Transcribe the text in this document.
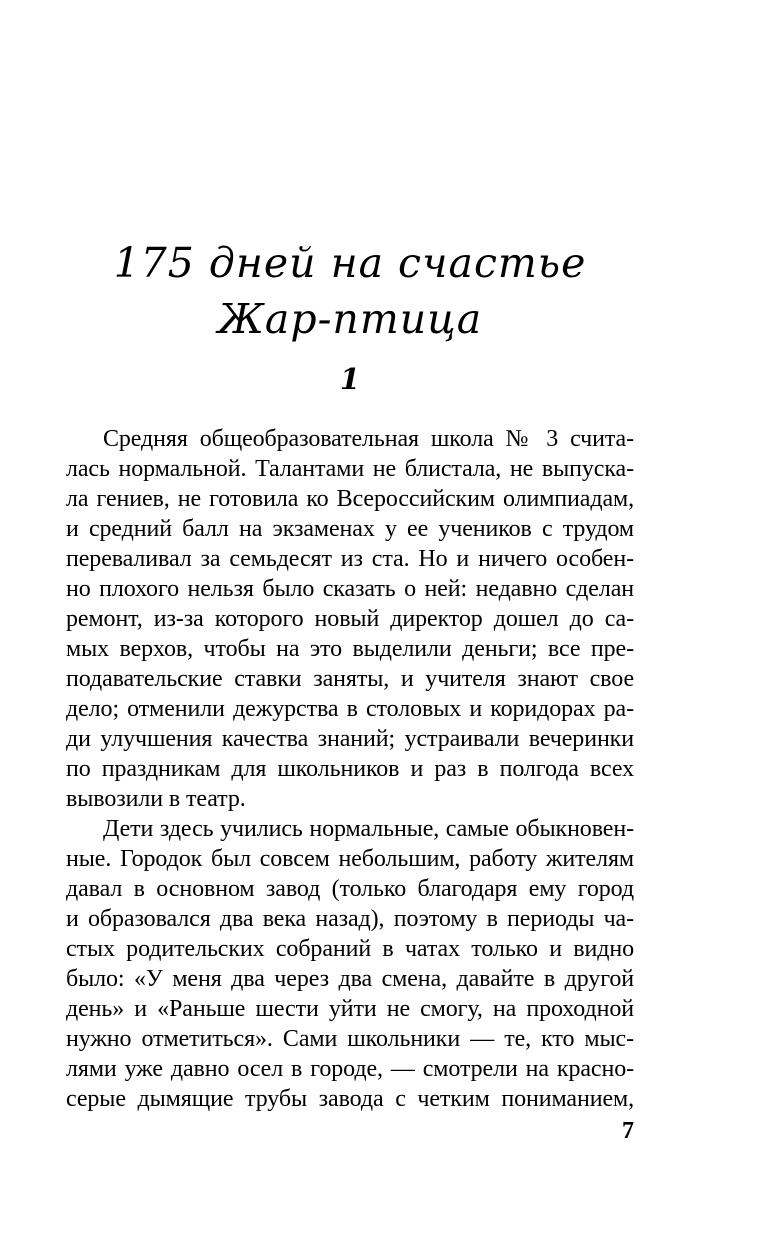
175 дней на счастье
Жар-птица
1
Средняя общеобразовательная школа № 3 счита-
лась нормальной. Талантами не блистала, не выпуска-
ла гениев, не готовила ко Всероссийским олимпиадам,
и средний балл на экзаменах у ее учеников с трудом
переваливал за семьдесят из ста. Но и ничего особен-
но плохого нельзя было сказать о ней: недавно сделан
ремонт, из-за которого новый директор дошел до са-
мых верхов, чтобы на это выделили деньги; все пре-
подавательские ставки заняты, и учителя знают свое
дело; отменили дежурства в столовых и коридорах ра-
ди улучшения качества знаний; устраивали вечеринки
по праздникам для школьников и раз в полгода всех
вывозили в театр.
Дети здесь учились нормальные, самые обыкновен-
ные. Городок был совсем небольшим, работу жителям
давал в основном завод (только благодаря ему город
и образовался два века назад), поэтому в периоды ча-
стых родительских собраний в чатах только и видно
было: «У меня два через два смена, давайте в другой
день» и «Раньше шести уйти не смогу, на проходной
нужно отметиться». Сами школьники — те, кто мыс-
лями уже давно осел в городе, — смотрели на красно-
серые дымящие трубы завода с четким пониманием,
7
